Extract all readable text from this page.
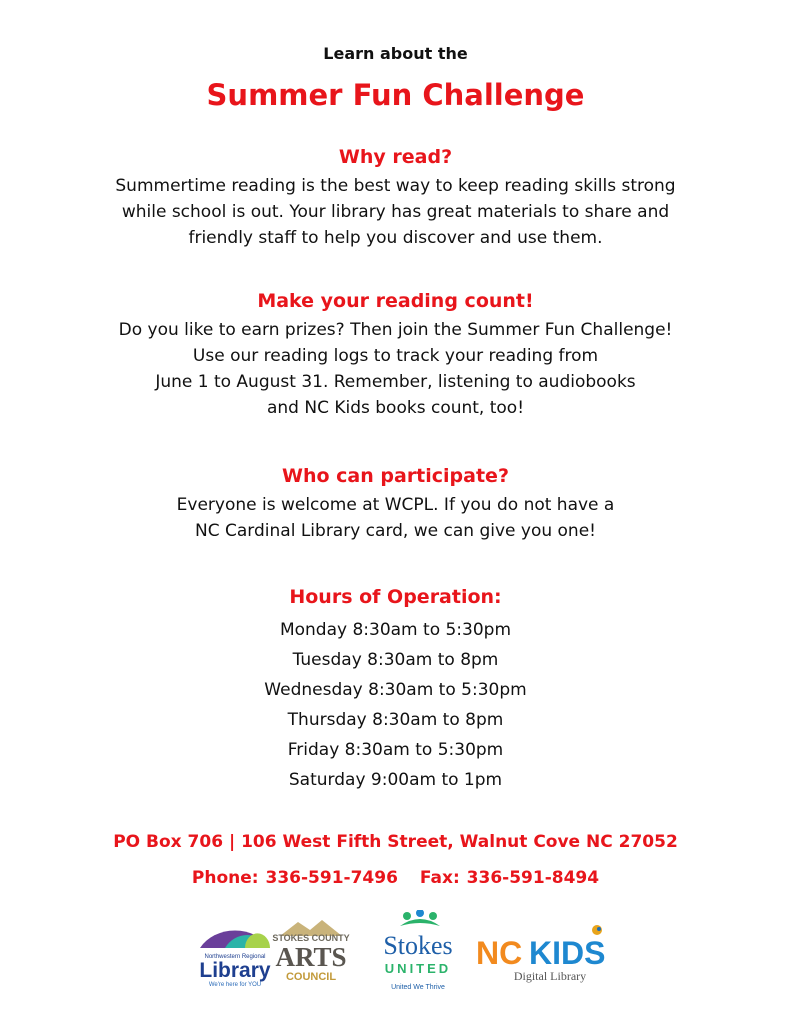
Learn about the
Summer Fun Challenge
Why read?
Summertime reading is the best way to keep reading skills strong
while school is out. Your library has great materials to share and
friendly staff to help you discover and use them.
Make your reading count!
Do you like to earn prizes? Then join the Summer Fun Challenge!
Use our reading logs to track your reading from
June 1 to August 31. Remember, listening to audiobooks
and NC Kids books count, too!
Who can participate?
Everyone is welcome at WCPL. If you do not have a
NC Cardinal Library card, we can give you one!
Hours of Operation:
Monday 8:30am to 5:30pm
Tuesday 8:30am to 8pm
Wednesday 8:30am to 5:30pm
Thursday 8:30am to 8pm
Friday 8:30am to 5:30pm
Saturday 9:00am to 1pm
PO Box 706 | 106 West Fifth Street, Walnut Cove NC 27052
Phone: 336-591-7496 Fax: 336-591-8494
Northwestern Regional
Library
We're here for YOU
STOKES COUNTY
ARTS
COUNCIL
Stokes
UNITED
United We Thrive
NC KIDS
Digital Library
